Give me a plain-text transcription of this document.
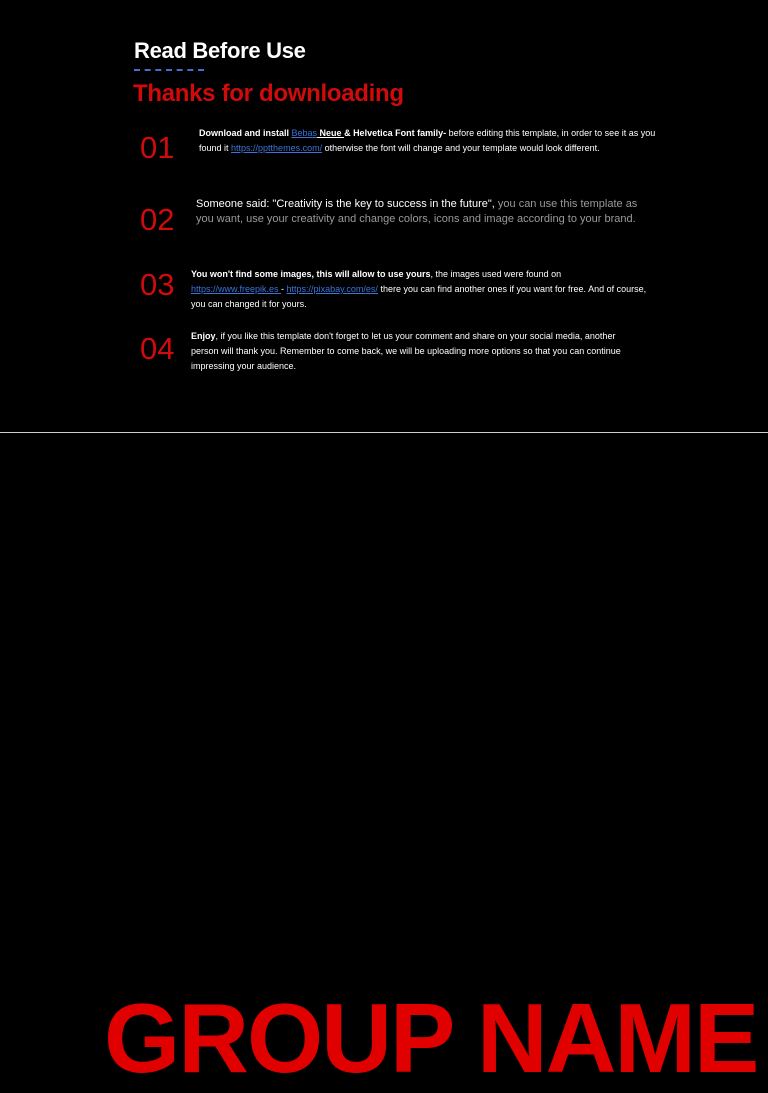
Read Before Use
Thanks for downloading
01	Download and install Bebas Neue & Helvetica Font family- before editing this template, in order to see it as you found it https://pptthemes.com/ otherwise the font will change and your template would look different.
02 Someone said: "Creativity is the key to success in the future", you can use this template as you want, use your creativity and change colors, icons and image according to your brand.
03 You won't find some images, this will allow to use yours, the images used were found on https://www.freepik.es - https://pixabay.com/es/ there you can find another ones if you want for free. And of course, you can changed it for yours.
04 Enjoy, if you like this template don't forget to let us your comment and share on your social media, another person will thank you. Remember to come back, we will be uploading more options so that you can continue impressing your audience.
GROUP NAME
